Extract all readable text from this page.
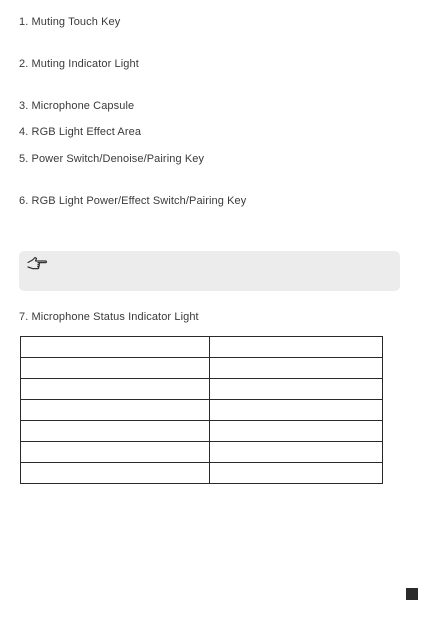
1. Muting Touch Key
2. Muting Indicator Light
3. Microphone Capsule
4. RGB Light Effect Area
5. Power Switch/Denoise/Pairing Key
6. RGB Light Power/Effect Switch/Pairing Key
7. Microphone Status Indicator Light
